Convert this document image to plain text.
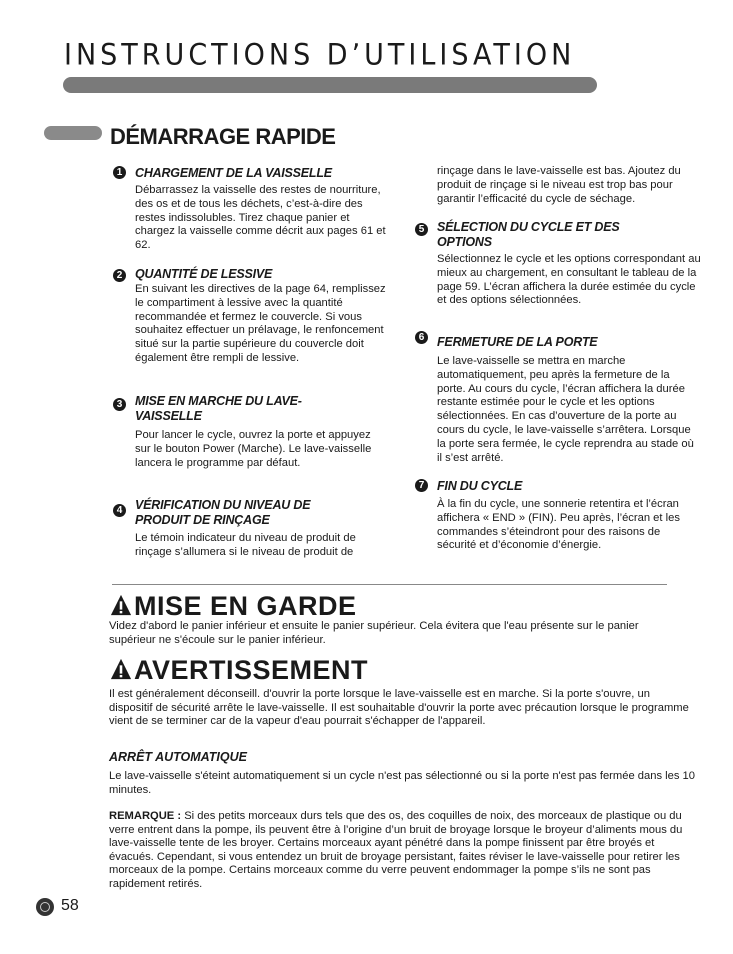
INSTRUCTIONS D’UTILISATION
DÉMARRAGE RAPIDE
1 CHARGEMENT DE LA VAISSELLE
Débarrassez la vaisselle des restes de nourriture, des os et de tous les déchets, c’est-à-dire des restes indissolubles. Tirez chaque panier et chargez la vaisselle comme décrit aux pages 61 et 62.
2 QUANTITÉ DE LESSIVE
En suivant les directives de la page 64, remplissez le compartiment à lessive avec la quantité recommandée et fermez le couvercle. Si vous souhaitez effectuer un prélavage, le renfoncement situé sur la partie supérieure du couvercle doit également être rempli de lessive.
3 MISE EN MARCHE DU LAVE-VAISSELLE
Pour lancer le cycle, ouvrez la porte et appuyez sur le bouton Power (Marche). Le lave-vaisselle lancera le programme par défaut.
4 VÉRIFICATION DU NIVEAU DE PRODUIT DE RINÇAGE
Le témoin indicateur du niveau de produit de rinçage s’allumera si le niveau de produit de
rinçage dans le lave-vaisselle est bas. Ajoutez du produit de rinçage si le niveau est trop bas pour garantir l’efficacité du cycle de séchage.
5 SÉLECTION DU CYCLE ET DES OPTIONS
Sélectionnez le cycle et les options correspondant au mieux au chargement, en consultant le tableau de la page 59. L’écran affichera la durée estimée du cycle et des options sélectionnées.
6 FERMETURE DE LA PORTE
Le lave-vaisselle se mettra en marche automatiquement, peu après la fermeture de la porte. Au cours du cycle, l’écran affichera la durée restante estimée pour le cycle et les options sélectionnées. En cas d’ouverture de la porte au cours du cycle, le lave-vaisselle s’arrêtera. Lorsque la porte sera fermée, le cycle reprendra au stade où il s’est arrêté.
7 FIN DU CYCLE
À la fin du cycle, une sonnerie retentira et l’écran affichera « END » (FIN). Peu après, l’écran et les commandes s’éteindront pour des raisons de sécurité et d’économie d’énergie.
MISE EN GARDE
Videz d'abord le panier inférieur et ensuite le panier supérieur. Cela évitera que l'eau présente sur le panier supérieur ne s'écoule sur le panier inférieur.
AVERTISSEMENT
Il est généralement déconseill. d'ouvrir la porte lorsque le lave-vaisselle est en marche. Si la porte s'ouvre, un dispositif de sécurité arrête le lave-vaisselle. Il est souhaitable d'ouvrir la porte avec précaution lorsque le programme vient de se terminer car de la vapeur d'eau pourrait s'échapper de l'appareil.
ARRÊT AUTOMATIQUE
Le lave-vaisselle s'éteint automatiquement si un cycle n'est pas sélectionné ou si la porte n'est pas fermée dans les 10 minutes.
REMARQUE : Si des petits morceaux durs tels que des os, des coquilles de noix, des morceaux de plastique ou du verre entrent dans la pompe, ils peuvent être à l’origine d’un bruit de broyage lorsque le broyeur d’aliments mous du lave-vaisselle tente de les broyer. Certains morceaux ayant pénétré dans la pompe finissent par être broyés et évacués. Cependant, si vous entendez un bruit de broyage persistant, faites réviser le lave-vaisselle pour retirer les morceaux de la pompe. Certains morceaux comme du verre peuvent endommager la pompe s’ils ne sont pas rapidement retirés.
58
